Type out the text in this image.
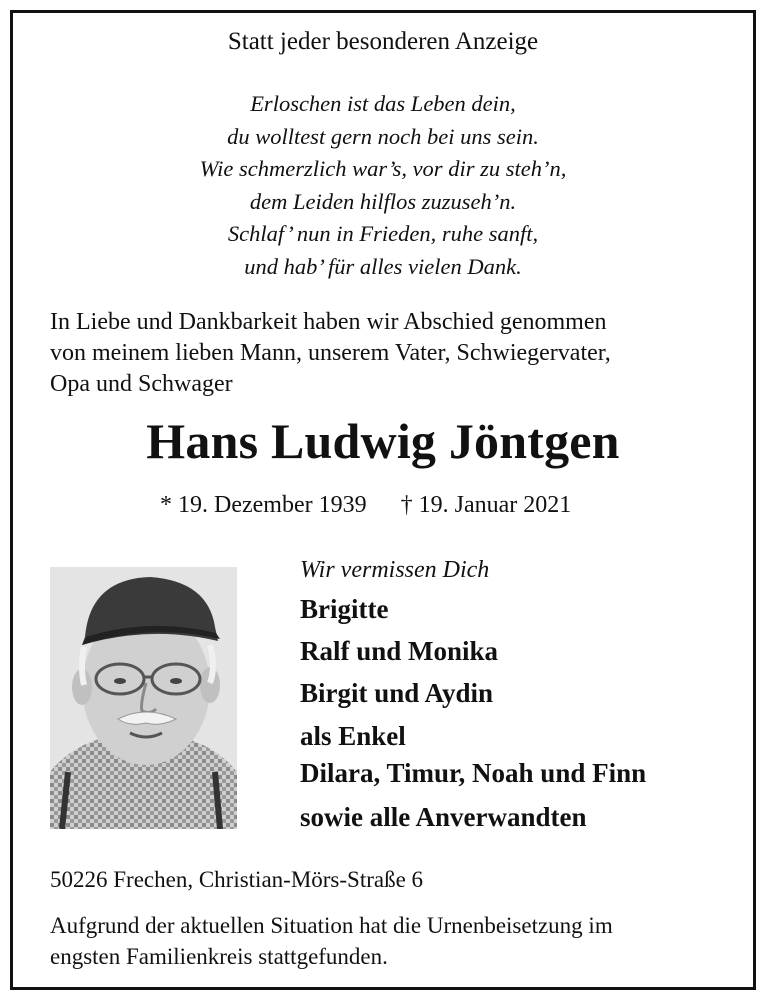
Statt jeder besonderen Anzeige
Erloschen ist das Leben dein,
du wolltest gern noch bei uns sein.
Wie schmerzlich war’s, vor dir zu steh’n,
dem Leiden hilflos zuzuseh’n.
Schlaf’ nun in Frieden, ruhe sanft,
und hab’ für alles vielen Dank.
In Liebe und Dankbarkeit haben wir Abschied genommen
von meinem lieben Mann, unserem Vater, Schwiegervater,
Opa und Schwager
Hans Ludwig Jöntgen
* 19. Dezember 1939 † 19. Januar 2021
Wir vermissen Dich
Brigitte
Ralf und Monika
Birgit und Aydin
als Enkel
Dilara, Timur, Noah und Finn
sowie alle Anverwandten
50226 Frechen, Christian-Mörs-Straße 6
Aufgrund der aktuellen Situation hat die Urnenbeisetzung im
engsten Familienkreis stattgefunden.
